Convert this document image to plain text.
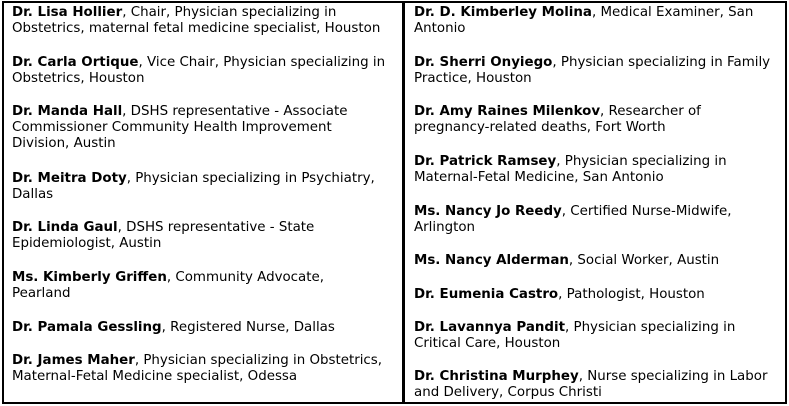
Dr. Lisa Hollier, Chair, Physician specializing in
Obstetrics, maternal fetal medicine specialist, Houston
Dr. Carla Ortique, Vice Chair, Physician specializing in
Obstetrics, Houston
Dr. Manda Hall, DSHS representative - Associate
Commissioner Community Health Improvement
Division, Austin
Dr. Meitra Doty, Physician specializing in Psychiatry,
Dallas
Dr. Linda Gaul, DSHS representative - State
Epidemiologist, Austin
Ms. Kimberly Griffen, Community Advocate,
Pearland
Dr. Pamala Gessling, Registered Nurse, Dallas
Dr. James Maher, Physician specializing in Obstetrics,
Maternal-Fetal Medicine specialist, Odessa
Dr. D. Kimberley Molina, Medical Examiner, San
Antonio
Dr. Sherri Onyiego, Physician specializing in Family
Practice, Houston
Dr. Amy Raines Milenkov, Researcher of
pregnancy-related deaths, Fort Worth
Dr. Patrick Ramsey, Physician specializing in
Maternal-Fetal Medicine, San Antonio
Ms. Nancy Jo Reedy, Certified Nurse-Midwife,
Arlington
Ms. Nancy Alderman, Social Worker, Austin
Dr. Eumenia Castro, Pathologist, Houston
Dr. Lavannya Pandit, Physician specializing in
Critical Care, Houston
Dr. Christina Murphey, Nurse specializing in Labor
and Delivery, Corpus Christi
